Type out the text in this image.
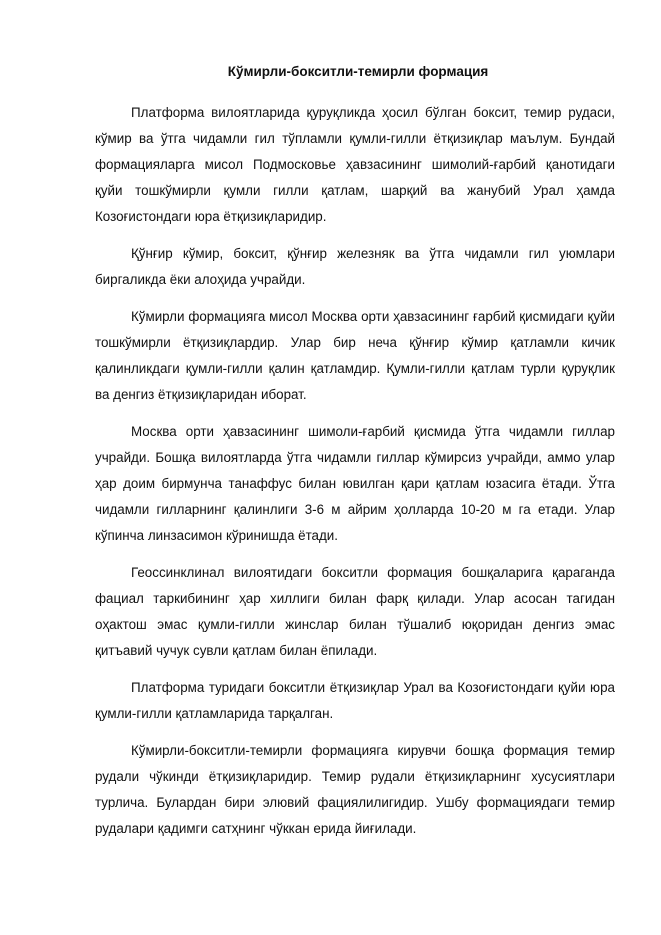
Кўмирли-бокситли-темирли формация

Платформа вилоятларида қуруқликда ҳосил бўлган боксит, темир рудаси, кўмир ва ўтга чидамли гил тўпламли қумли-гилли ётқизиқлар маълум. Бундай формацияларга мисол Подмосковье ҳавзасининг шимолий-ғарбий қанотидаги қуйи тошкўмирли қумли гилли қатлам, шарқий ва жанубий Урал ҳамда Козоғистондаги юра ётқизиқларидир.

Қўнғир кўмир, боксит, қўнғир железняк ва ўтга чидамли гил уюмлари биргаликда ёки алоҳида учрайди.

Кўмирли формацияга мисол Москва орти ҳавзасининг ғарбий қисмидаги қуйи тошкўмирли ётқизиқлардир. Улар бир неча қўнғир кўмир қатламли кичик қалинликдаги қумли-гилли қалин қатламдир. Қумли-гилли қатлам турли қуруқлик ва денгиз ётқизиқларидан иборат.

Москва орти ҳавзасининг шимоли-ғарбий қисмида ўтга чидамли гиллар учрайди. Бошқа вилоятларда ўтга чидамли гиллар кўмирсиз учрайди, аммо улар ҳар доим бирмунча танаффус билан ювилган қари қатлам юзасига ётади. Ўтга чидамли гилларнинг қалинлиги 3-6 м айрим ҳолларда 10-20 м га етади. Улар кўпинча линзасимон кўринишда ётади.

Геоссинклинал вилоятидаги бокситли формация бошқаларига қараганда фациал таркибининг ҳар хиллиги билан фарқ қилади. Улар асосан тагидан оҳактош эмас қумли-гилли жинслар билан тўшалиб юқоридан денгиз эмас қитъавий чучук сувли қатлам билан ёпилади.

Платформа туридаги бокситли ётқизиқлар Урал ва Козоғистондаги қуйи юра қумли-гилли қатламларида тарқалган.

Кўмирли-бокситли-темирли формацияга кирувчи бошқа формация темир рудали чўкинди ётқизиқларидир. Темир рудали ётқизиқларнинг хусусиятлари турлича. Булардан бири элювий фациялилигидир. Ушбу формациядаги темир рудалари қадимги сатҳнинг чўккан ерида йиғилади.
